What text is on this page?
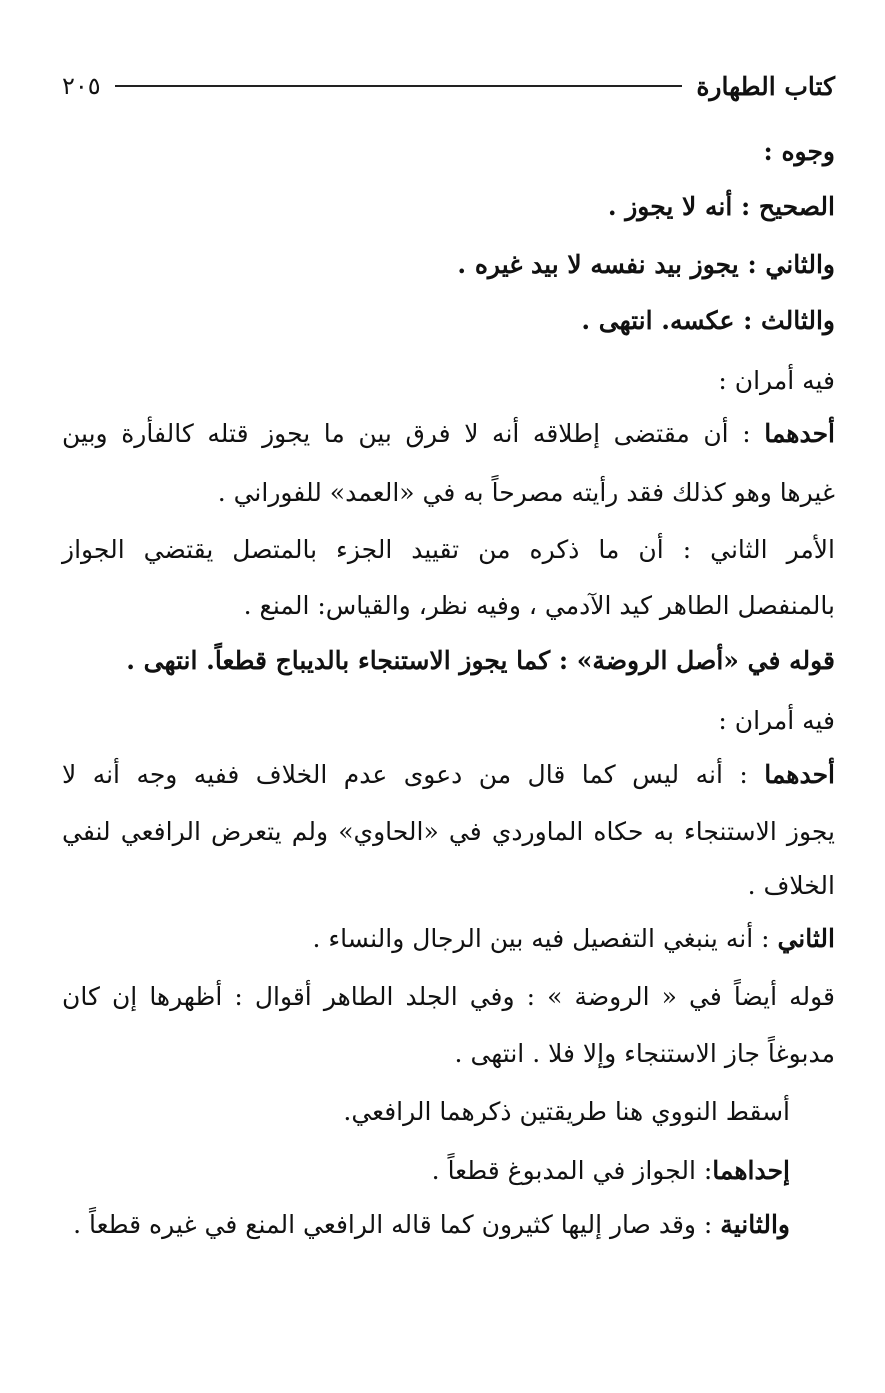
كتاب الطهارة
٢٠٥
وجوه :
الصحيح : أنه لا يجوز .
والثاني : يجوز بيد نفسه لا بيد غيره .
والثالث : عكسه. انتهى .
فيه أمران :
أحدهما : أن مقتضى إطلاقه أنه لا فرق بين ما يجوز قتله كالفأرة وبين
غيرها وهو كذلك فقد رأيته مصرحاً به في «العمد» للفوراني .
الأمر الثاني : أن ما ذكره من تقييد الجزء بالمتصل يقتضي الجواز
بالمنفصل الطاهر كيد الآدمي ، وفيه نظر، والقياس: المنع .
قوله في «أصل الروضة» : كما يجوز الاستنجاء بالديباج قطعاً. انتهى .
فيه أمران :
أحدهما : أنه ليس كما قال من دعوى عدم الخلاف ففيه وجه أنه لا
يجوز الاستنجاء به حكاه الماوردي في «الحاوي» ولم يتعرض الرافعي لنفي
الخلاف .
الثاني : أنه ينبغي التفصيل فيه بين الرجال والنساء .
قوله أيضاً في « الروضة » : وفي الجلد الطاهر أقوال : أظهرها إن كان
مدبوغاً جاز الاستنجاء وإلا فلا . انتهى .
أسقط النووي هنا طريقتين ذكرهما الرافعي.
إحداهما: الجواز في المدبوغ قطعاً .
والثانية : وقد صار إليها كثيرون كما قاله الرافعي المنع في غيره قطعاً .
